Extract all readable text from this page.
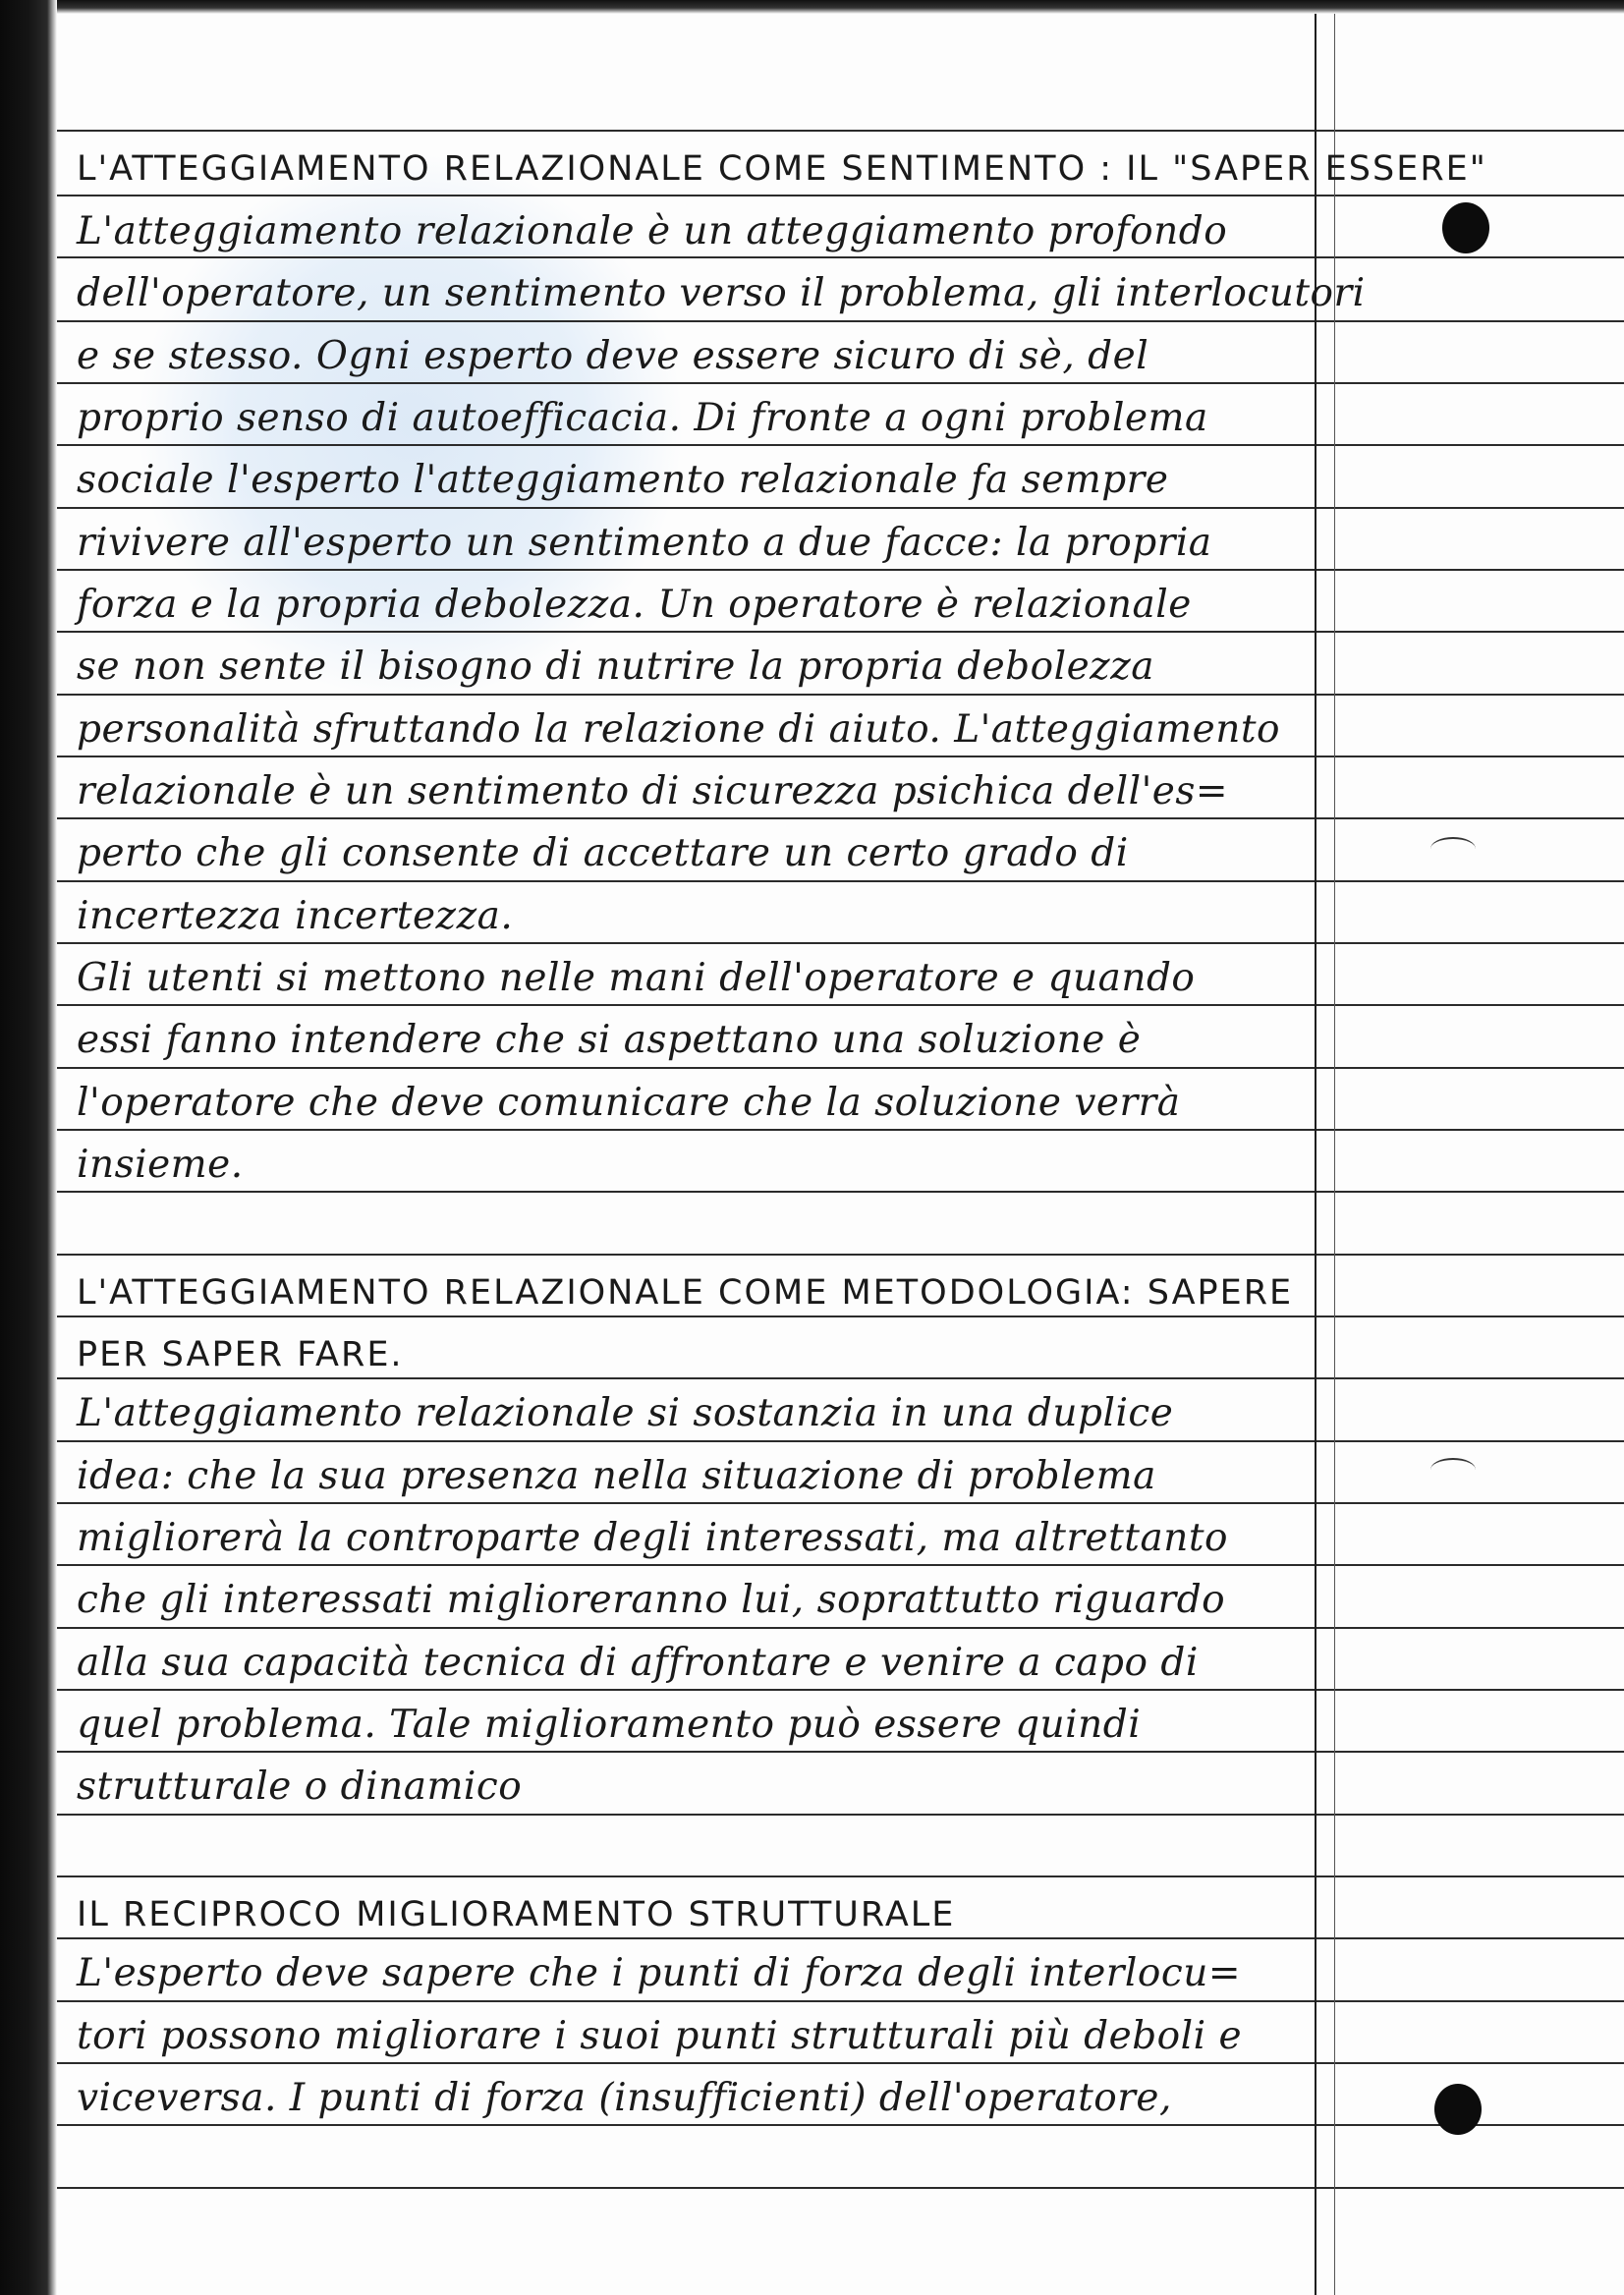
L'ATTEGGIAMENTO RELAZIONALE COME SENTIMENTO : IL "SAPER ESSERE"
L'atteggiamento relazionale è un atteggiamento profondo
dell'operatore, un sentimento verso il problema, gli interlocutori
e se stesso. Ogni esperto deve essere sicuro di sè, del
proprio senso di autoefficacia. Di fronte a ogni problema
sociale l'esperto l'atteggiamento relazionale fa sempre
rivivere all'esperto un sentimento a due facce: la propria
forza e la propria debolezza. Un operatore è relazionale
se non sente il bisogno di nutrire la propria debolezza
personalità sfruttando la relazione di aiuto. L'atteggiamento
relazionale è un sentimento di sicurezza psichica dell'es=
perto che gli consente di accettare un certo grado di
incertezza incertezza.
Gli utenti si mettono nelle mani dell'operatore e quando
essi fanno intendere che si aspettano una soluzione è
l'operatore che deve comunicare che la soluzione verrà
insieme.
L'ATTEGGIAMENTO RELAZIONALE COME METODOLOGIA: SAPERE
PER SAPER FARE.
L'atteggiamento relazionale si sostanzia in una duplice
idea: che la sua presenza nella situazione di problema
migliorerà la controparte degli interessati, ma altrettanto
che gli interessati miglioreranno lui, soprattutto riguardo
alla sua capacità tecnica di affrontare e venire a capo di
quel problema. Tale miglioramento può essere quindi
strutturale o dinamico
IL RECIPROCO MIGLIORAMENTO STRUTTURALE
L'esperto deve sapere che i punti di forza degli interlocu=
tori possono migliorare i suoi punti strutturali più deboli e
viceversa. I punti di forza (insufficienti) dell'operatore,
